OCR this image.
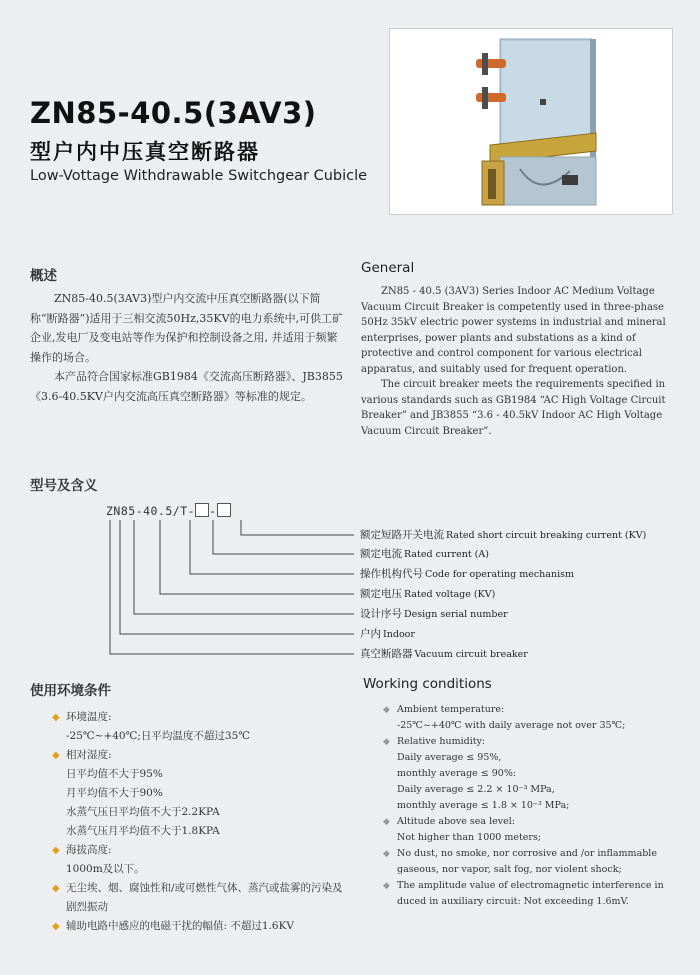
ZN85-40.5(3AV3)
型户内中压真空断路器
Low-Vottage Withdrawable Switchgear Cubicle
概述

ZN85-40.5(3AV3)型户内交流中压真空断路器(以下简称“断路器”)适用于三相交流50Hz,35KV的电力系统中,可供工矿企业,发电厂及变电站等作为保护和控制设备之用, 并适用于频繁操作的场合。

本产品符合国家标准GB1984《交流高压断路器》、JB3855《3.6-40.5KV户内交流高压真空断路器》等标准的规定。

General

ZN85 - 40.5 (3AV3) Series Indoor AC Medium Voltage Vacuum Circuit Breaker is competently used in three-phase 50Hz 35kV electric power systems in industrial and mineral enterprises, power plants and substations as a kind of protective and control component for various electrical apparatus, and suitably used for frequent operation.

The circuit breaker meets the requirements specified in various standards such as GB1984 “AC High Voltage Circuit Breaker” and JB3855 “3.6 - 40.5kV Indoor AC High Voltage Vacuum Circuit Breaker”.

型号及含义
ZN85-40.5/T- -
额定短路开关电流 Rated short circuit breaking current (KV)
额定电流 Rated current (A)
操作机构代号 Code for operating mechanism
额定电压 Rated voltage (KV)
设计序号 Design serial number
户内 Indoor
真空断路器 Vacuum circuit breaker
使用环境条件	Working conditions
◆ 环境温度:
-25℃~+40℃;日平均温度不超过35℃
◆ 相对湿度:
日平均值不大于95%
月平均值不大于90%
水蒸气压日平均值不大于2.2KPA
水蒸气压月平均值不大于1.8KPA
◆ 海拔高度:
1000m及以下。
◆ 无尘埃、烟、腐蚀性和/或可燃性气体、蒸汽或盐雾的污染及剧烈振动
◆ 辅助电路中感应的电磁干扰的幅值: 不超过1.6KV
◆ Ambient temperature:
-25℃~+40℃ with daily average not over 35℃;
◆ Relative humidity:
Daily average ≤ 95%,
monthly average ≤ 90%:
Daily average ≤ 2.2 × 10⁻³ MPa,
monthly average ≤ 1.8 × 10⁻³ MPa;
◆ Altitude above sea level:
Not higher than 1000 meters;
◆ No dust, no smoke, nor corrosive and /or inflammable gaseous, nor vapor, salt fog, nor violent shock;
◆ The amplitude value of electromagnetic interference in duced in auxiliary circuit: Not exceeding 1.6mV.
